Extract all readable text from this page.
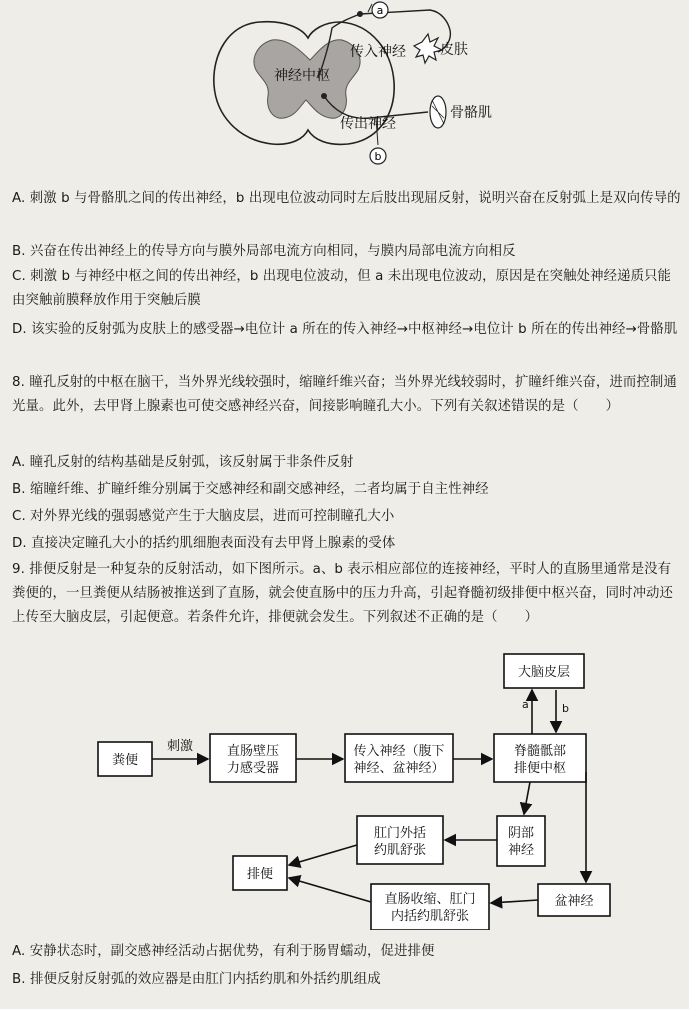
神经中枢
a
传入神经 皮肤
b
传出神经
骨骼肌
A. 刺激 b 与骨骼肌之间的传出神经，b 出现电位波动同时左后肢出现屈反射，说明兴奋在反射弧上是双向传导的
B. 兴奋在传出神经上的传导方向与膜外局部电流方向相同，与膜内局部电流方向相反
C. 刺激 b 与神经中枢之间的传出神经，b 出现电位波动，但 a 未出现电位波动，原因是在突触处神经递质只能由突触前膜释放作用于突触后膜
D. 该实验的反射弧为皮肤上的感受器→电位计 a 所在的传入神经→中枢神经→电位计 b 所在的传出神经→骨骼肌
8. 瞳孔反射的中枢在脑干，当外界光线较强时，缩瞳纤维兴奋；当外界光线较弱时，扩瞳纤维兴奋，进而控制通光量。此外，去甲肾上腺素也可使交感神经兴奋，间接影响瞳孔大小。下列有关叙述错误的是（　　）
A. 瞳孔反射的结构基础是反射弧，该反射属于非条件反射
B. 缩瞳纤维、扩瞳纤维分别属于交感神经和副交感神经，二者均属于自主性神经
C. 对外界光线的强弱感觉产生于大脑皮层，进而可控制瞳孔大小
D. 直接决定瞳孔大小的括约肌细胞表面没有去甲肾上腺素的受体
9. 排便反射是一种复杂的反射活动，如下图所示。a、b 表示相应部位的连接神经，平时人的直肠里通常是没有粪便的，一旦粪便从结肠被推送到了直肠，就会使直肠中的压力升高，引起脊髓初级排便中枢兴奋，同时冲动还上传至大脑皮层，引起便意。若条件允许，排便就会发生。下列叙述不正确的是（　　）
粪便
刺激	直肠壁压
力感受器
传入神经（腹下
神经、盆神经）
脊髓骶部
排便中枢
大脑皮层
阴部
神经
盆神经
肛门外括
约肌舒张
排便
直肠收缩、肛门
内括约肌舒张
a	b
A. 安静状态时，副交感神经活动占据优势，有利于肠胃蠕动，促进排便
B. 排便反射反射弧的效应器是由肛门内括约肌和外括约肌组成
